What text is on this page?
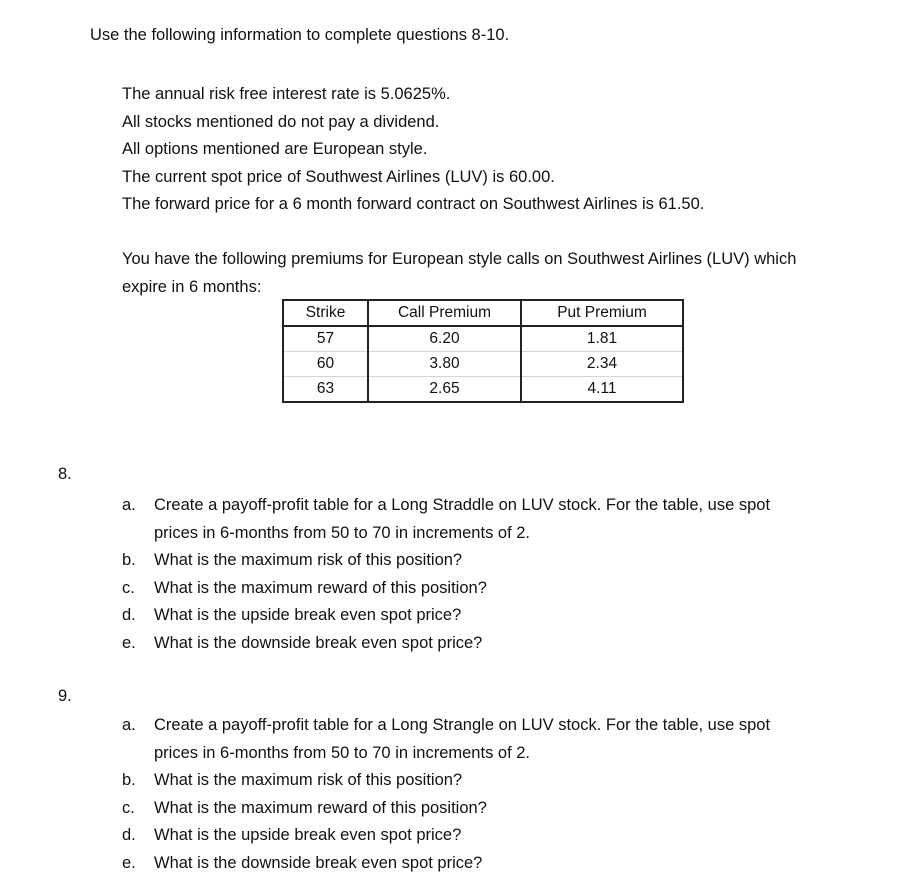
Use the following information to complete questions 8-10.
The annual risk free interest rate is 5.0625%.
All stocks mentioned do not pay a dividend.
All options mentioned are European style.
The current spot price of Southwest Airlines (LUV) is 60.00.
The forward price for a 6 month forward contract on Southwest Airlines is 61.50.
You have the following premiums for European style calls on Southwest Airlines (LUV) which
expire in 6 months:
Strike	Call Premium	Put Premium
57	6.20	1.81
60	3.80	2.34
63	2.65	4.11
8.
a. Create a payoff-profit table for a Long Straddle on LUV stock. For the table, use spot
prices in 6-months from 50 to 70 in increments of 2.
b. What is the maximum risk of this position?
c. What is the maximum reward of this position?
d. What is the upside break even spot price?
e. What is the downside break even spot price?
9.
a. Create a payoff-profit table for a Long Strangle on LUV stock. For the table, use spot
prices in 6-months from 50 to 70 in increments of 2.
b. What is the maximum risk of this position?
c. What is the maximum reward of this position?
d. What is the upside break even spot price?
e. What is the downside break even spot price?
